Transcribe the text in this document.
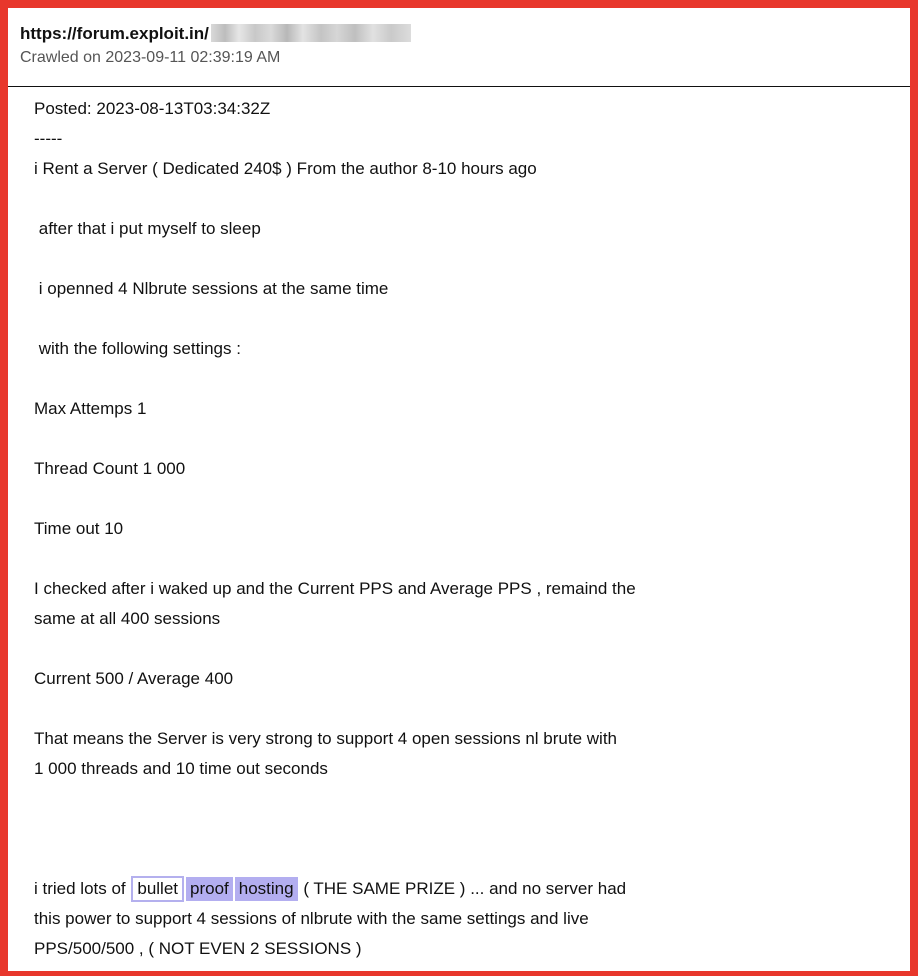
https://forum.exploit.in/
Crawled on 2023-09-11 02:39:19 AM

Posted: 2023-08-13T03:34:32Z

-----

i Rent a Server ( Dedicated 240$ ) From the author 8-10 hours ago

after that i put myself to sleep

i openned 4 Nlbrute sessions at the same time

with the following settings :

Max Attemps 1

Thread Count 1 000

Time out 10

I checked after i waked up and the Current PPS and Average PPS , remaind the

same at all 400 sessions

Current 500 / Average 400

That means the Server is very strong to support 4 open sessions nl brute with

1 000 threads and 10 time out seconds

i tried lots of bullet proof hosting ( THE SAME PRIZE ) ... and no server had

this power to support 4 sessions of nlbrute with the same settings and live

PPS/500/500 , ( NOT EVEN 2 SESSIONS )
